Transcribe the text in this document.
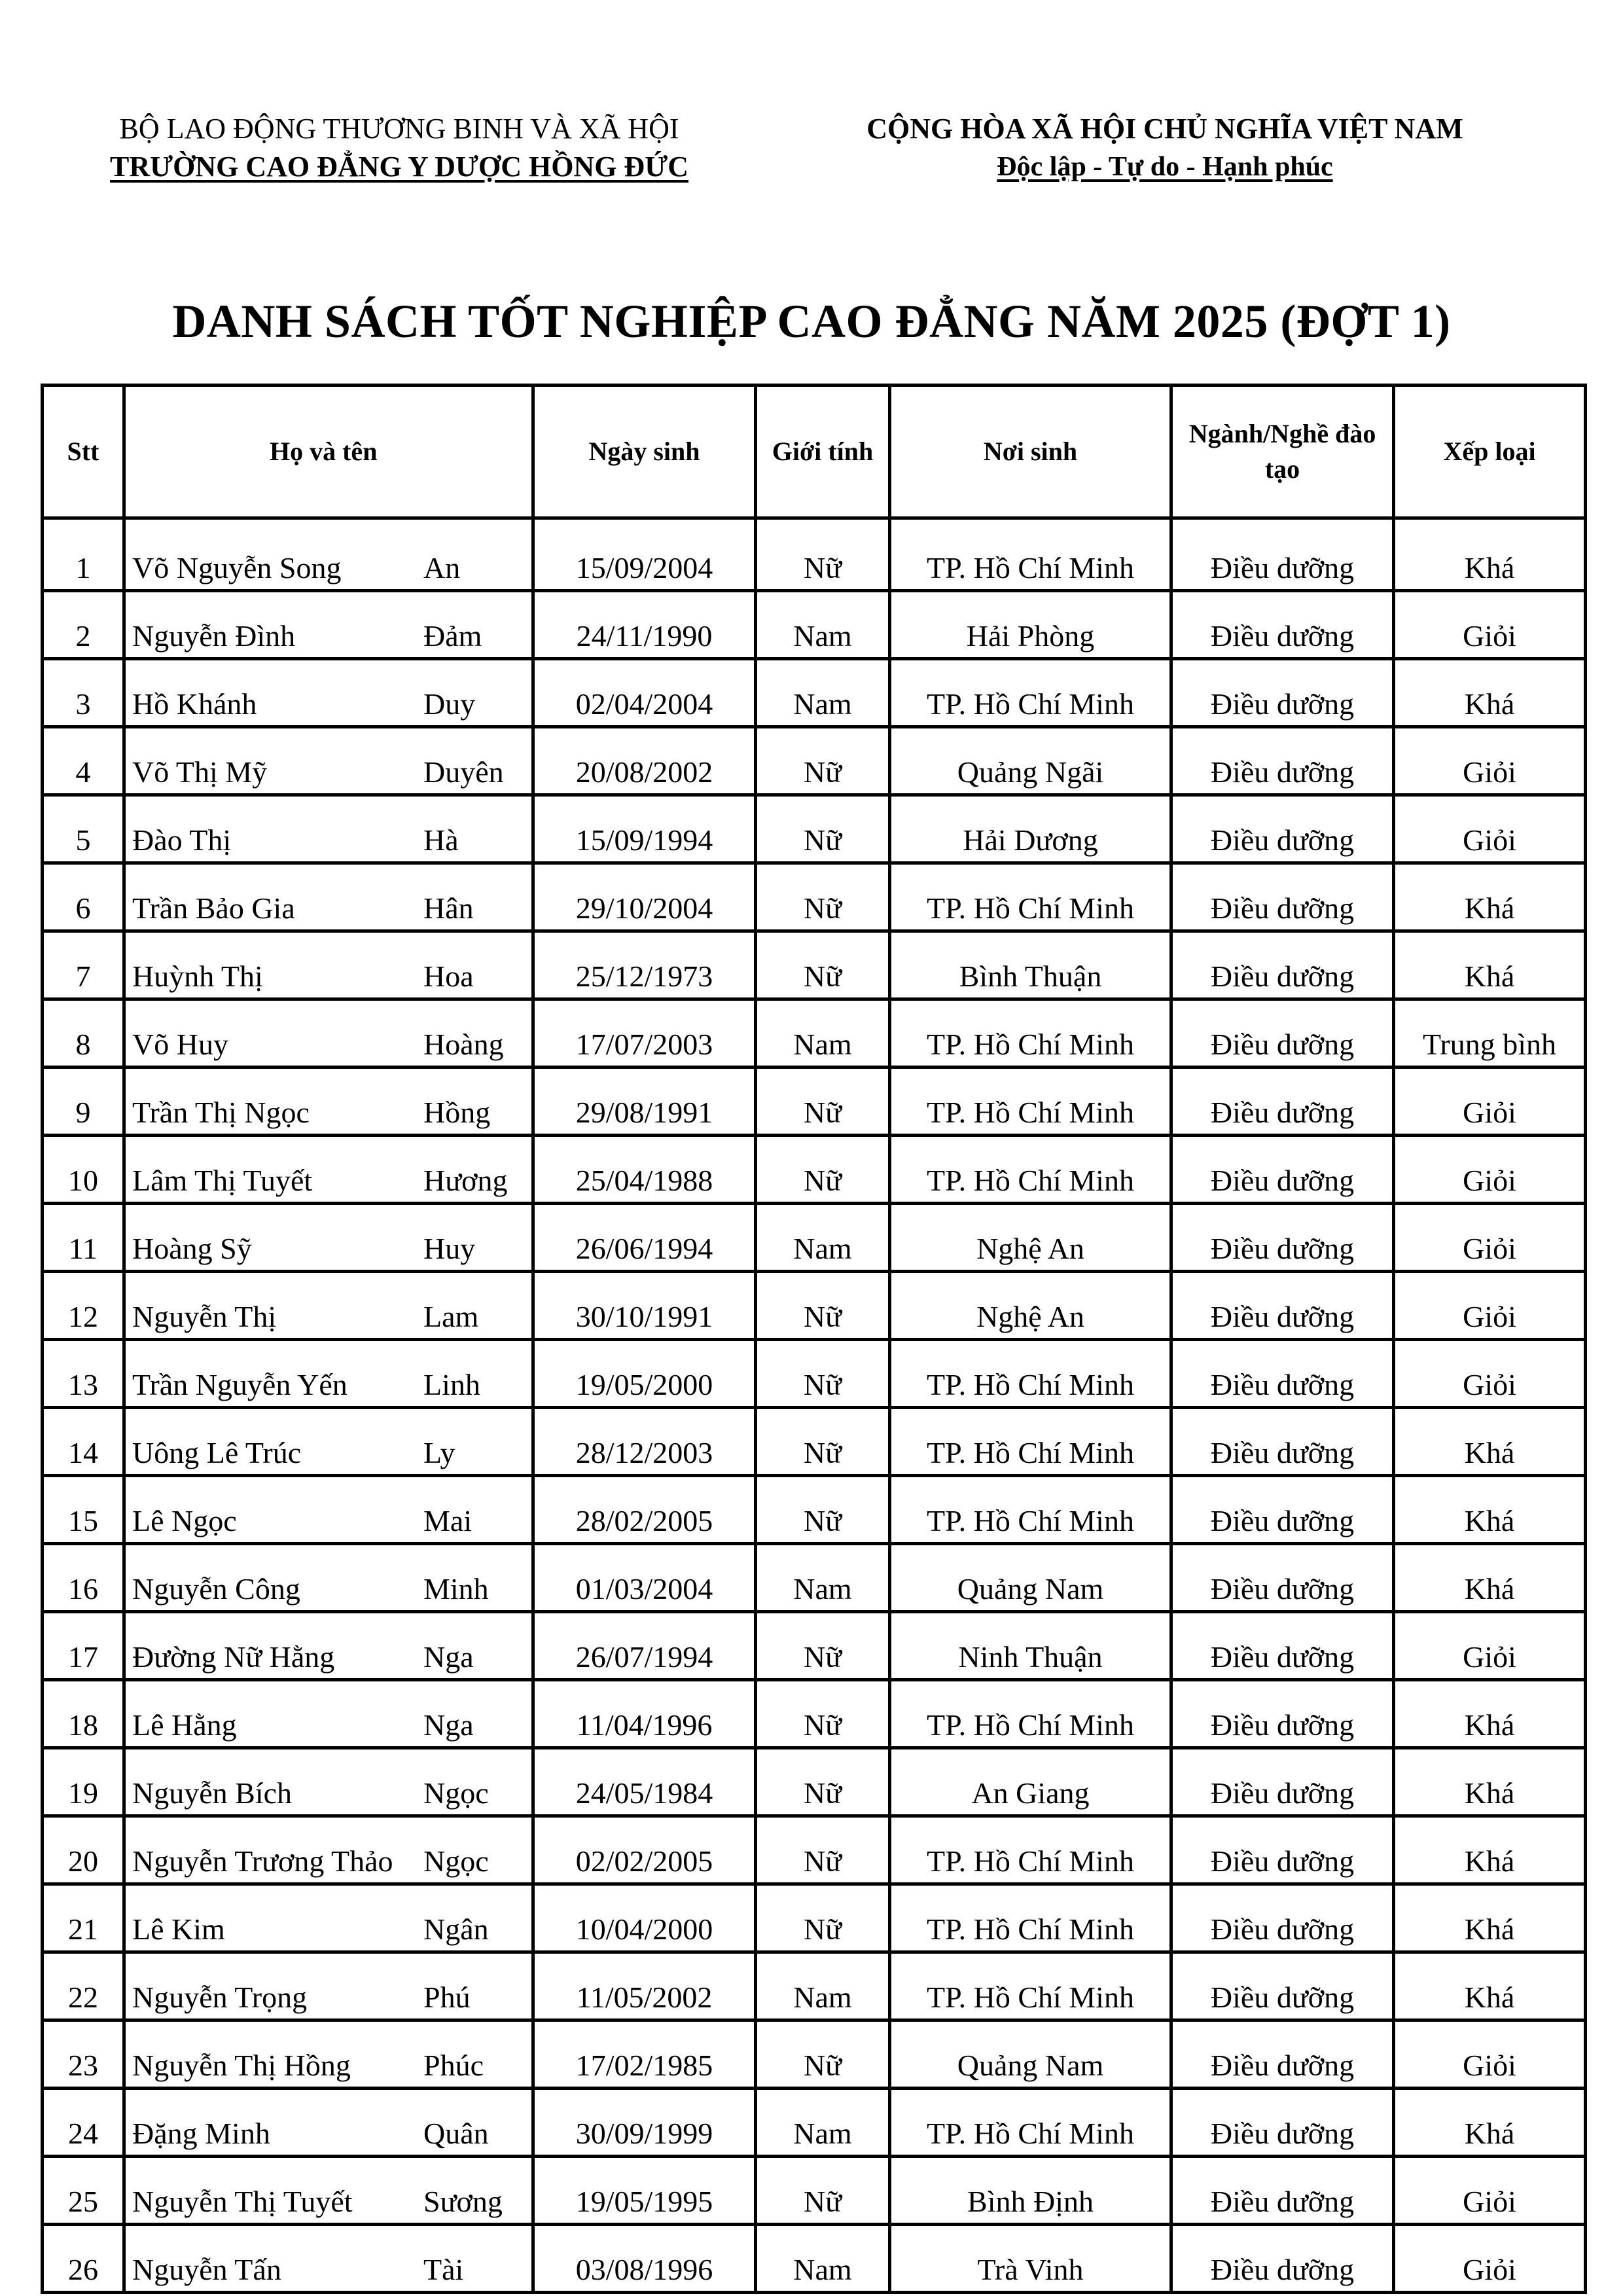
BỘ LAO ĐỘNG THƯƠNG BINH VÀ XÃ HỘI
TRƯỜNG CAO ĐẲNG Y DƯỢC HỒNG ĐỨC
CỘNG HÒA XÃ HỘI CHỦ NGHĨA VIỆT NAM
Độc lập - Tự do - Hạnh phúc
DANH SÁCH TỐT NGHIỆP CAO ĐẲNG NĂM 2025 (ĐỢT 1)
Stt	Họ và tên	Ngày sinh	Giới tính	Nơi sinh	Ngành/Nghề đào tạo	Xếp loại
1	Võ Nguyễn Song An	15/09/2004	Nữ	TP. Hồ Chí Minh	Điều dưỡng	Khá
2	Nguyễn Đình Đảm	24/11/1990	Nam	Hải Phòng	Điều dưỡng	Giỏi
3	Hồ Khánh Duy	02/04/2004	Nam	TP. Hồ Chí Minh	Điều dưỡng	Khá
4	Võ Thị Mỹ Duyên	20/08/2002	Nữ	Quảng Ngãi	Điều dưỡng	Giỏi
5	Đào Thị Hà	15/09/1994	Nữ	Hải Dương	Điều dưỡng	Giỏi
6	Trần Bảo Gia Hân	29/10/2004	Nữ	TP. Hồ Chí Minh	Điều dưỡng	Khá
7	Huỳnh Thị Hoa	25/12/1973	Nữ	Bình Thuận	Điều dưỡng	Khá
8	Võ Huy Hoàng	17/07/2003	Nam	TP. Hồ Chí Minh	Điều dưỡng	Trung bình
9	Trần Thị Ngọc Hồng	29/08/1991	Nữ	TP. Hồ Chí Minh	Điều dưỡng	Giỏi
10	Lâm Thị Tuyết Hương	25/04/1988	Nữ	TP. Hồ Chí Minh	Điều dưỡng	Giỏi
11	Hoàng Sỹ Huy	26/06/1994	Nam	Nghệ An	Điều dưỡng	Giỏi
12	Nguyễn Thị Lam	30/10/1991	Nữ	Nghệ An	Điều dưỡng	Giỏi
13	Trần Nguyễn Yến Linh	19/05/2000	Nữ	TP. Hồ Chí Minh	Điều dưỡng	Giỏi
14	Uông Lê Trúc Ly	28/12/2003	Nữ	TP. Hồ Chí Minh	Điều dưỡng	Khá
15	Lê Ngọc Mai	28/02/2005	Nữ	TP. Hồ Chí Minh	Điều dưỡng	Khá
16	Nguyễn Công Minh	01/03/2004	Nam	Quảng Nam	Điều dưỡng	Khá
17	Đường Nữ Hằng Nga	26/07/1994	Nữ	Ninh Thuận	Điều dưỡng	Giỏi
18	Lê Hằng Nga	11/04/1996	Nữ	TP. Hồ Chí Minh	Điều dưỡng	Khá
19	Nguyễn Bích Ngọc	24/05/1984	Nữ	An Giang	Điều dưỡng	Khá
20	Nguyễn Trương Thảo Ngọc	02/02/2005	Nữ	TP. Hồ Chí Minh	Điều dưỡng	Khá
21	Lê Kim Ngân	10/04/2000	Nữ	TP. Hồ Chí Minh	Điều dưỡng	Khá
22	Nguyễn Trọng Phú	11/05/2002	Nam	TP. Hồ Chí Minh	Điều dưỡng	Khá
23	Nguyễn Thị Hồng Phúc	17/02/1985	Nữ	Quảng Nam	Điều dưỡng	Giỏi
24	Đặng Minh Quân	30/09/1999	Nam	TP. Hồ Chí Minh	Điều dưỡng	Khá
25	Nguyễn Thị Tuyết Sương	19/05/1995	Nữ	Bình Định	Điều dưỡng	Giỏi
26	Nguyễn Tấn Tài	03/08/1996	Nam	Trà Vinh	Điều dưỡng	Giỏi
